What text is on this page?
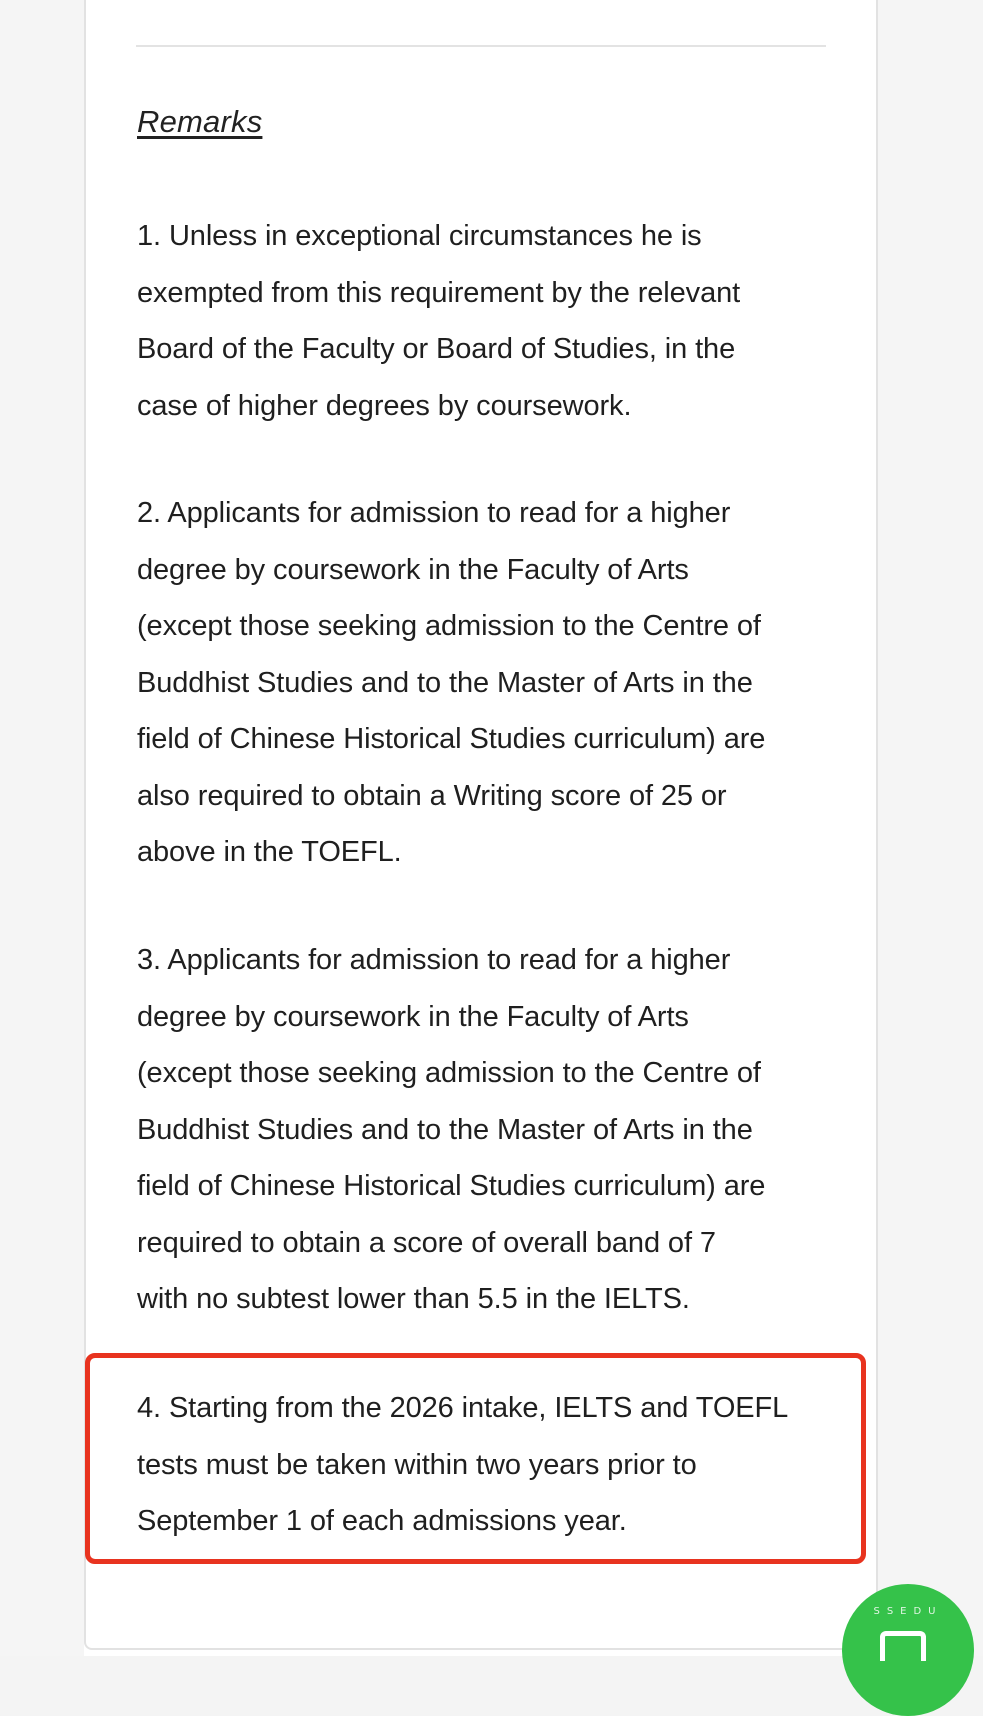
Remarks
1. Unless in exceptional circumstances he is
exempted from this requirement by the relevant
Board of the Faculty or Board of Studies, in the
case of higher degrees by coursework.
2. Applicants for admission to read for a higher
degree by coursework in the Faculty of Arts
(except those seeking admission to the Centre of
Buddhist Studies and to the Master of Arts in the
field of Chinese Historical Studies curriculum) are
also required to obtain a Writing score of 25 or
above in the TOEFL.
3. Applicants for admission to read for a higher
degree by coursework in the Faculty of Arts
(except those seeking admission to the Centre of
Buddhist Studies and to the Master of Arts in the
field of Chinese Historical Studies curriculum) are
required to obtain a score of overall band of 7
with no subtest lower than 5.5 in the IELTS.
4. Starting from the 2026 intake, IELTS and TOEFL
tests must be taken within two years prior to
September 1 of each admissions year.
SSEDU
